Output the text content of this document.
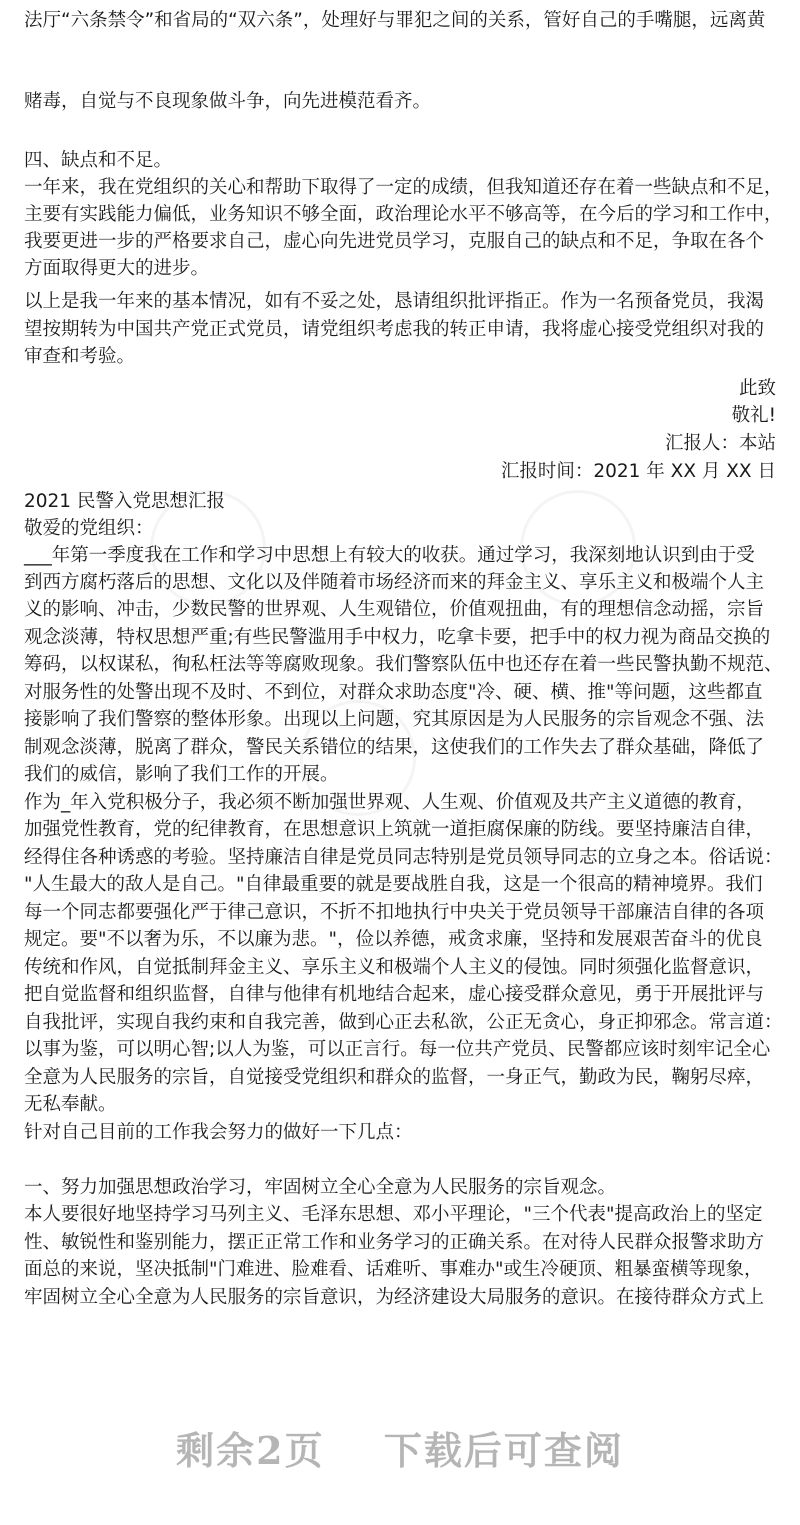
法厅“六条禁令”和省局的“双六条”，处理好与罪犯之间的关系，管好自己的手嘴腿，远离黄
赌毒，自觉与不良现象做斗争，向先进模范看齐。
四、缺点和不足。
一年来，我在党组织的关心和帮助下取得了一定的成绩，但我知道还存在着一些缺点和不足，
主要有实践能力偏低，业务知识不够全面，政治理论水平不够高等，在今后的学习和工作中，
我要更进一步的严格要求自己，虚心向先进党员学习，克服自己的缺点和不足，争取在各个
方面取得更大的进步。
以上是我一年来的基本情况，如有不妥之处，恳请组织批评指正。作为一名预备党员，我渴
望按期转为中国共产党正式党员，请党组织考虑我的转正申请，我将虚心接受党组织对我的
审查和考验。
此致
敬礼!
汇报人：本站
汇报时间：2021 年 XX 月 XX 日
2021 民警入党思想汇报
敬爱的党组织：
___年第一季度我在工作和学习中思想上有较大的收获。通过学习，我深刻地认识到由于受
到西方腐朽落后的思想、文化以及伴随着市场经济而来的拜金主义、享乐主义和极端个人主
义的影响、冲击，少数民警的世界观、人生观错位，价值观扭曲，有的理想信念动摇，宗旨
观念淡薄，特权思想严重;有些民警滥用手中权力，吃拿卡要，把手中的权力视为商品交换的
筹码，以权谋私，徇私枉法等等腐败现象。我们警察队伍中也还存在着一些民警执勤不规范、
对服务性的处警出现不及时、不到位，对群众求助态度"冷、硬、横、推"等问题，这些都直
接影响了我们警察的整体形象。出现以上问题，究其原因是为人民服务的宗旨观念不强、法
制观念淡薄，脱离了群众，警民关系错位的结果，这使我们的工作失去了群众基础，降低了
我们的威信，影响了我们工作的开展。
作为_年入党积极分子，我必须不断加强世界观、人生观、价值观及共产主义道德的教育，
加强党性教育，党的纪律教育，在思想意识上筑就一道拒腐保廉的防线。要坚持廉洁自律，
经得住各种诱惑的考验。坚持廉洁自律是党员同志特别是党员领导同志的立身之本。俗话说：
"人生最大的敌人是自己。"自律最重要的就是要战胜自我，这是一个很高的精神境界。我们
每一个同志都要强化严于律己意识，不折不扣地执行中央关于党员领导干部廉洁自律的各项
规定。要"不以奢为乐，不以廉为悲。"，俭以养德，戒贪求廉，坚持和发展艰苦奋斗的优良
传统和作风，自觉抵制拜金主义、享乐主义和极端个人主义的侵蚀。同时须强化监督意识，
把自觉监督和组织监督，自律与他律有机地结合起来，虚心接受群众意见，勇于开展批评与
自我批评，实现自我约束和自我完善，做到心正去私欲，公正无贪心，身正抑邪念。常言道：
以事为鉴，可以明心智;以人为鉴，可以正言行。每一位共产党员、民警都应该时刻牢记全心
全意为人民服务的宗旨，自觉接受党组织和群众的监督，一身正气，勤政为民，鞠躬尽瘁，
无私奉献。
针对自己目前的工作我会努力的做好一下几点：
一、努力加强思想政治学习，牢固树立全心全意为人民服务的宗旨观念。
本人要很好地坚持学习马列主义、毛泽东思想、邓小平理论，"三个代表"提高政治上的坚定
性、敏锐性和鉴别能力，摆正正常工作和业务学习的正确关系。在对待人民群众报警求助方
面总的来说，坚决抵制"门难进、脸难看、话难听、事难办"或生冷硬顶、粗暴蛮横等现象，
牢固树立全心全意为人民服务的宗旨意识，为经济建设大局服务的意识。在接待群众方式上
剩余2页 下载后可查阅
